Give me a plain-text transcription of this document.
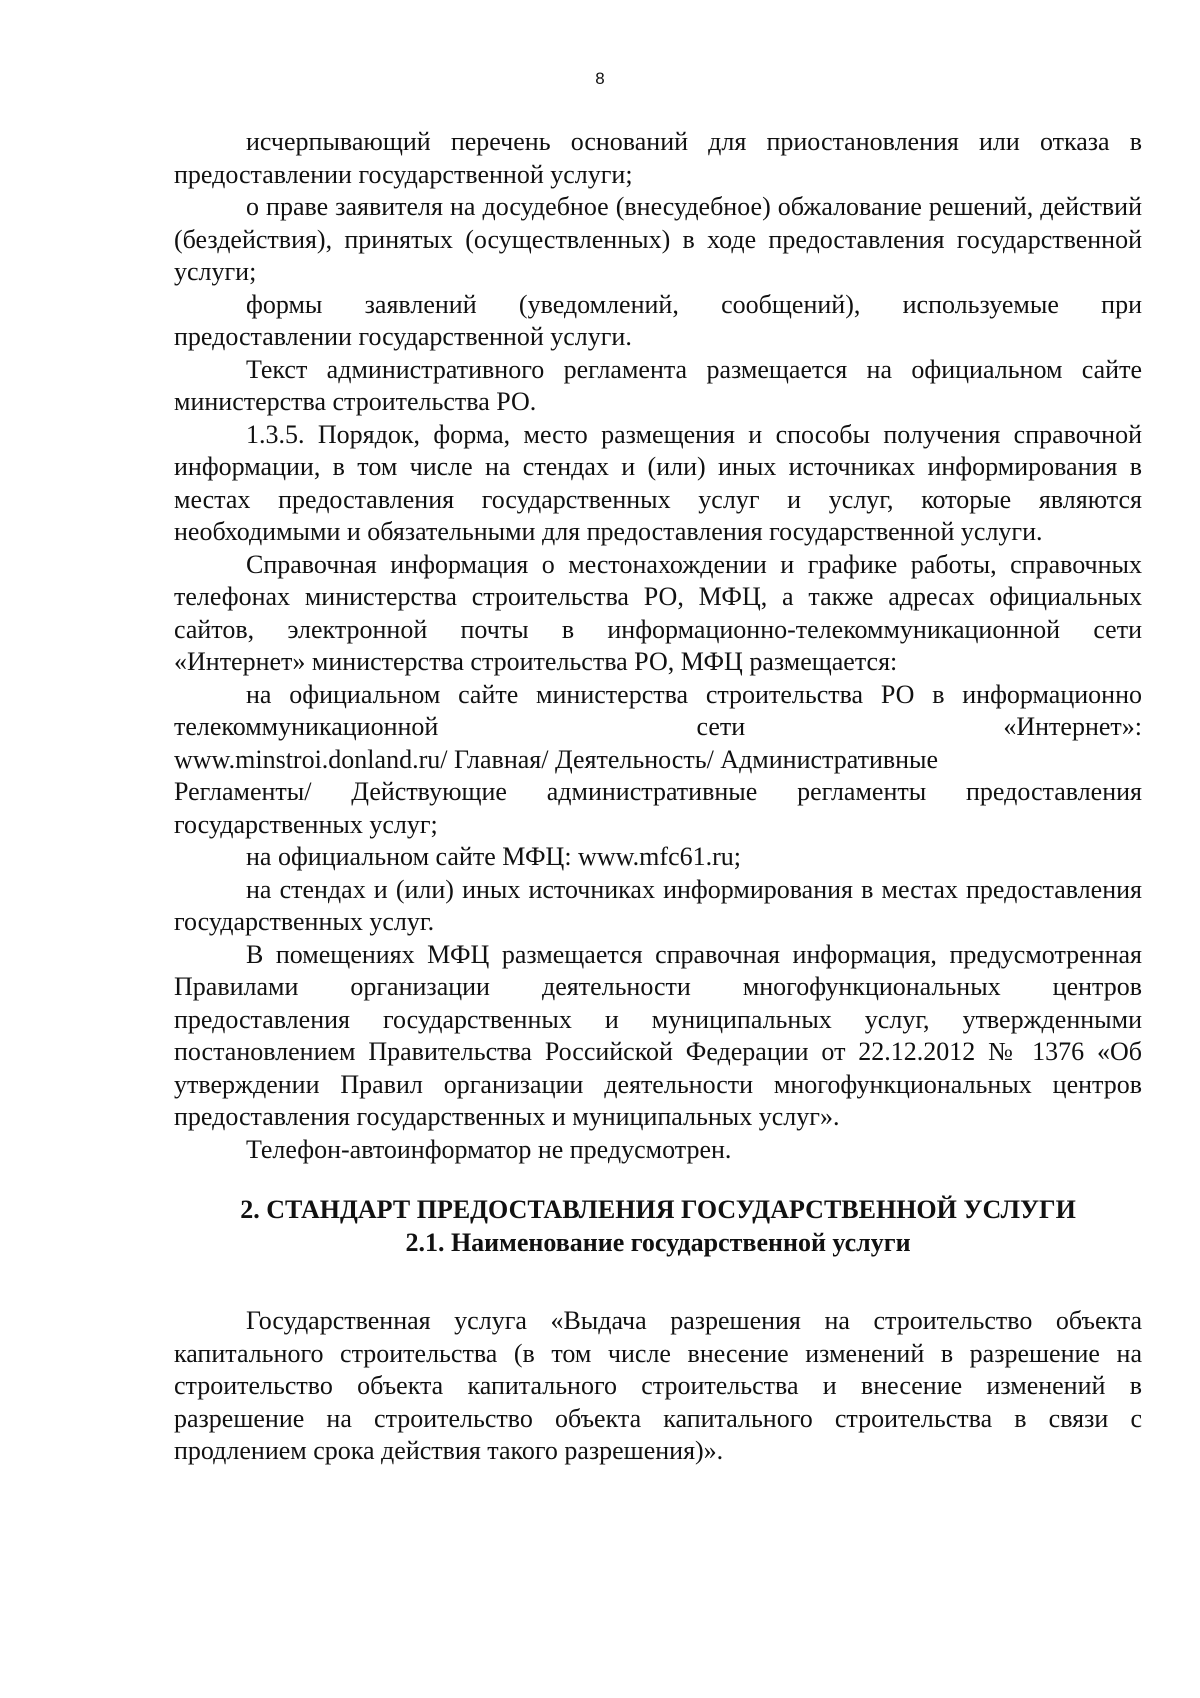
8

исчерпывающий перечень оснований для приостановления или отказа в предоставлении государственной услуги;

о праве заявителя на досудебное (внесудебное) обжалование решений, действий (бездействия), принятых (осуществленных) в ходе предоставления государственной услуги;

формы заявлений (уведомлений, сообщений), используемые при предоставлении государственной услуги.

Текст административного регламента размещается на официальном сайте министерства строительства РО.

1.3.5. Порядок, форма, место размещения и способы получения справочной информации, в том числе на стендах и (или) иных источниках информирования в местах предоставления государственных услуг и услуг, которые являются необходимыми и обязательными для предоставления государственной услуги.

Справочная информация о местонахождении и графике работы, справочных телефонах министерства строительства РО, МФЦ, а также адресах официальных сайтов, электронной почты в информационно-телекоммуникационной сети «Интернет» министерства строительства РО, МФЦ размещается:

на официальном сайте министерства строительства РО в информационно телекоммуникационной сети «Интернет»:

www.minstroi.donland.ru/ Главная/ Деятельность/ Административные

Регламенты/ Действующие административные регламенты предоставления государственных услуг;

на официальном сайте МФЦ: www.mfc61.ru;

на стендах и (или) иных источниках информирования в местах предоставления государственных услуг.

В помещениях МФЦ размещается справочная информация, предусмотренная Правилами организации деятельности многофункциональных центров предоставления государственных и муниципальных услуг, утвержденными постановлением Правительства Российской Федерации от 22.12.2012 № 1376 «Об утверждении Правил организации деятельности многофункциональных центров предоставления государственных и муниципальных услуг».

Телефон-автоинформатор не предусмотрен.

2. СТАНДАРТ ПРЕДОСТАВЛЕНИЯ ГОСУДАРСТВЕННОЙ УСЛУГИ

2.1. Наименование государственной услуги

Государственная услуга «Выдача разрешения на строительство объекта капитального строительства (в том числе внесение изменений в разрешение на строительство объекта капитального строительства и внесение изменений в разрешение на строительство объекта капитального строительства в связи с продлением срока действия такого разрешения)».
